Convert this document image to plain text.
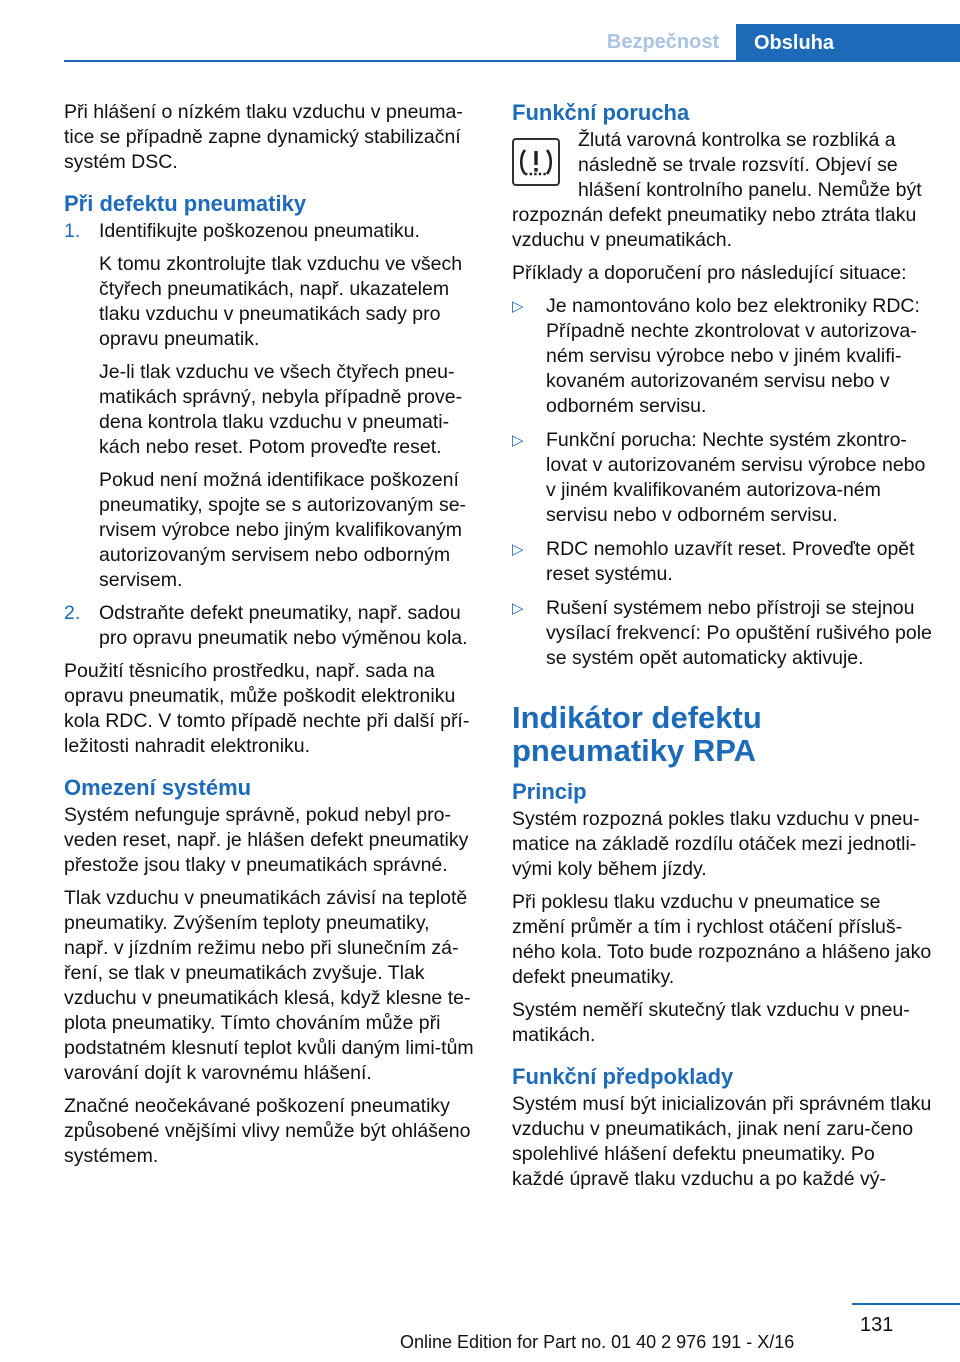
Bezpečnost	Obsluha

Při hlášení o nízkém tlaku vzduchu v pneuma‐tice se případně zapne dynamický stabilizační systém DSC.

Při defektu pneumatiky
1. Identifikujte poškozenou pneumatiku.

K tomu zkontrolujte tlak vzduchu ve všech čtyřech pneumatikách, např. ukazatelem tlaku vzduchu v pneumatikách sady pro opravu pneumatik.

Je-li tlak vzduchu ve všech čtyřech pneu‐matikách správný, nebyla případně prove‐dena kontrola tlaku vzduchu v pneumati‐kách nebo reset. Potom proveďte reset.

Pokud není možná identifikace poškození pneumatiky, spojte se s autorizovaným se‐rvisem výrobce nebo jiným kvalifikovaným autorizovaným servisem nebo odborným servisem.

2. Odstraňte defekt pneumatiky, např. sadou pro opravu pneumatik nebo výměnou kola.

Použití těsnicího prostředku, např. sada na opravu pneumatik, může poškodit elektroniku kola RDC. V tomto případě nechte při další pří‐ležitosti nahradit elektroniku.

Omezení systému

Systém nefunguje správně, pokud nebyl pro‐veden reset, např. je hlášen defekt pneumatiky přestože jsou tlaky v pneumatikách správné.

Tlak vzduchu v pneumatikách závisí na teplotě pneumatiky. Zvýšením teploty pneumatiky, např. v jízdním režimu nebo při slunečním zá‐ření, se tlak v pneumatikách zvyšuje. Tlak vzduchu v pneumatikách klesá, když klesne te‐plota pneumatiky. Tímto chováním může při podstatném klesnutí teplot kvůli daným limi‐tům varování dojít k varovnému hlášení.

Značné neočekávané poškození pneumatiky způsobené vnějšími vlivy nemůže být ohlášeno systémem.

Funkční porucha

Žlutá varovná kontrolka se rozbliká a následně se trvale rozsvítí. Objeví se hlášení kontrolního panelu. Nemůže být rozpoznán defekt pneumatiky nebo ztráta tlaku vzduchu v pneumatikách.

Příklady a doporučení pro následující situace:

▷ Je namontováno kolo bez elektroniky RDC: Případně nechte zkontrolovat v autorizova‐ném servisu výrobce nebo v jiném kvalifi‐kovaném autorizovaném servisu nebo v odborném servisu.
▷ Funkční porucha: Nechte systém zkontro‐lovat v autorizovaném servisu výrobce nebo v jiném kvalifikovaném autorizova‐ném servisu nebo v odborném servisu.
▷ RDC nemohlo uzavřít reset. Proveďte opět reset systému.
▷ Rušení systémem nebo přístroji se stejnou vysílací frekvencí: Po opuštění rušivého pole se systém opět automaticky aktivuje.
Indikátor defektu pneumatiky RPA
Princip

Systém rozpozná pokles tlaku vzduchu v pneu‐matice na základě rozdílu otáček mezi jednotli‐vými koly během jízdy.

Při poklesu tlaku vzduchu v pneumatice se změní průměr a tím i rychlost otáčení přísluš‐ného kola. Toto bude rozpoznáno a hlášeno jako defekt pneumatiky.

Systém neměří skutečný tlak vzduchu v pneu‐matikách.

Funkční předpoklady

Systém musí být inicializován při správném tlaku vzduchu v pneumatikách, jinak není zaru‐čeno spolehlivé hlášení defektu pneumatiky. Po každé úpravě tlaku vzduchu a po každé vý‐

131
Online Edition for Part no. 01 40 2 976 191 - X/16
